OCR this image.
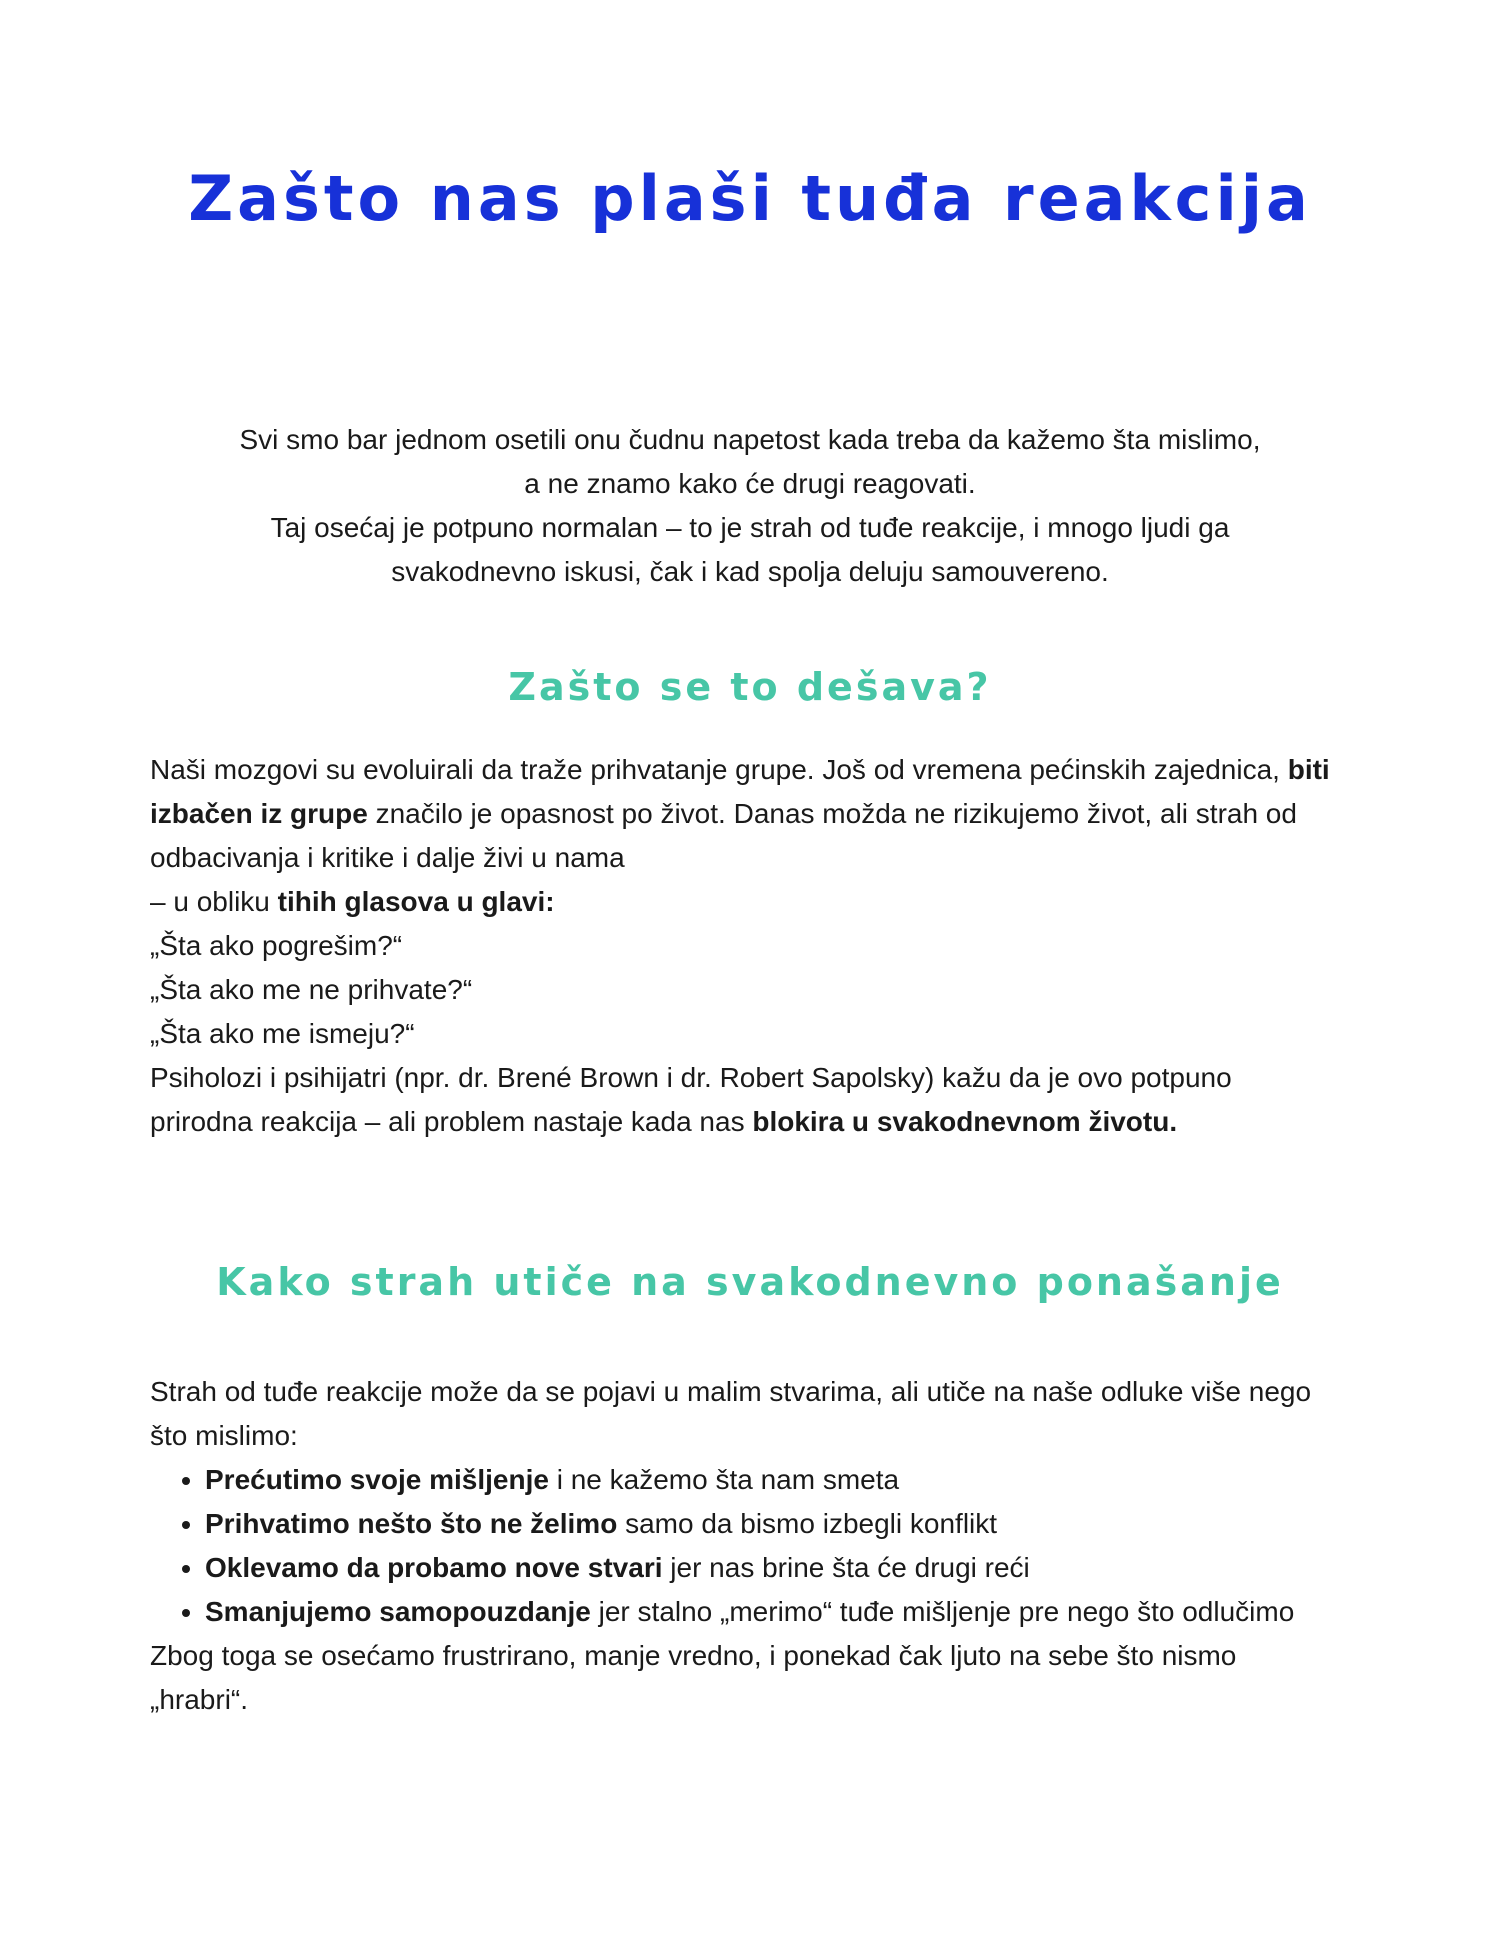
Zašto nas plaši tuđa reakcija

Svi smo bar jednom osetili onu čudnu napetost kada treba da kažemo šta mislimo,

a ne znamo kako će drugi reagovati.

Taj osećaj je potpuno normalan – to je strah od tuđe reakcije, i mnogo ljudi ga

svakodnevno iskusi, čak i kad spolja deluju samouvereno.

Zašto se to dešava?

Naši mozgovi su evoluirali da traže prihvatanje grupe. Još od vremena pećinskih zajednica, biti izbačen iz grupe značilo je opasnost po život. Danas možda ne rizikujemo život, ali strah od odbacivanja i kritike i dalje živi u nama

– u obliku tihih glasova u glavi:

„Šta ako pogrešim?“

„Šta ako me ne prihvate?“

„Šta ako me ismeju?“

Psiholozi i psihijatri (npr. dr. Brené Brown i dr. Robert Sapolsky) kažu da je ovo potpuno prirodna reakcija – ali problem nastaje kada nas blokira u svakodnevnom životu.

Kako strah utiče na svakodnevno ponašanje

Strah od tuđe reakcije može da se pojavi u malim stvarima, ali utiče na naše odluke više nego što mislimo:

• Prećutimo svoje mišljenje i ne kažemo šta nam smeta
• Prihvatimo nešto što ne želimo samo da bismo izbegli konflikt
• Oklevamo da probamo nove stvari jer nas brine šta će drugi reći
• Smanjujemo samopouzdanje jer stalno „merimo“ tuđe mišljenje pre nego što odlučimo

Zbog toga se osećamo frustrirano, manje vredno, i ponekad čak ljuto na sebe što nismo „hrabri“.
